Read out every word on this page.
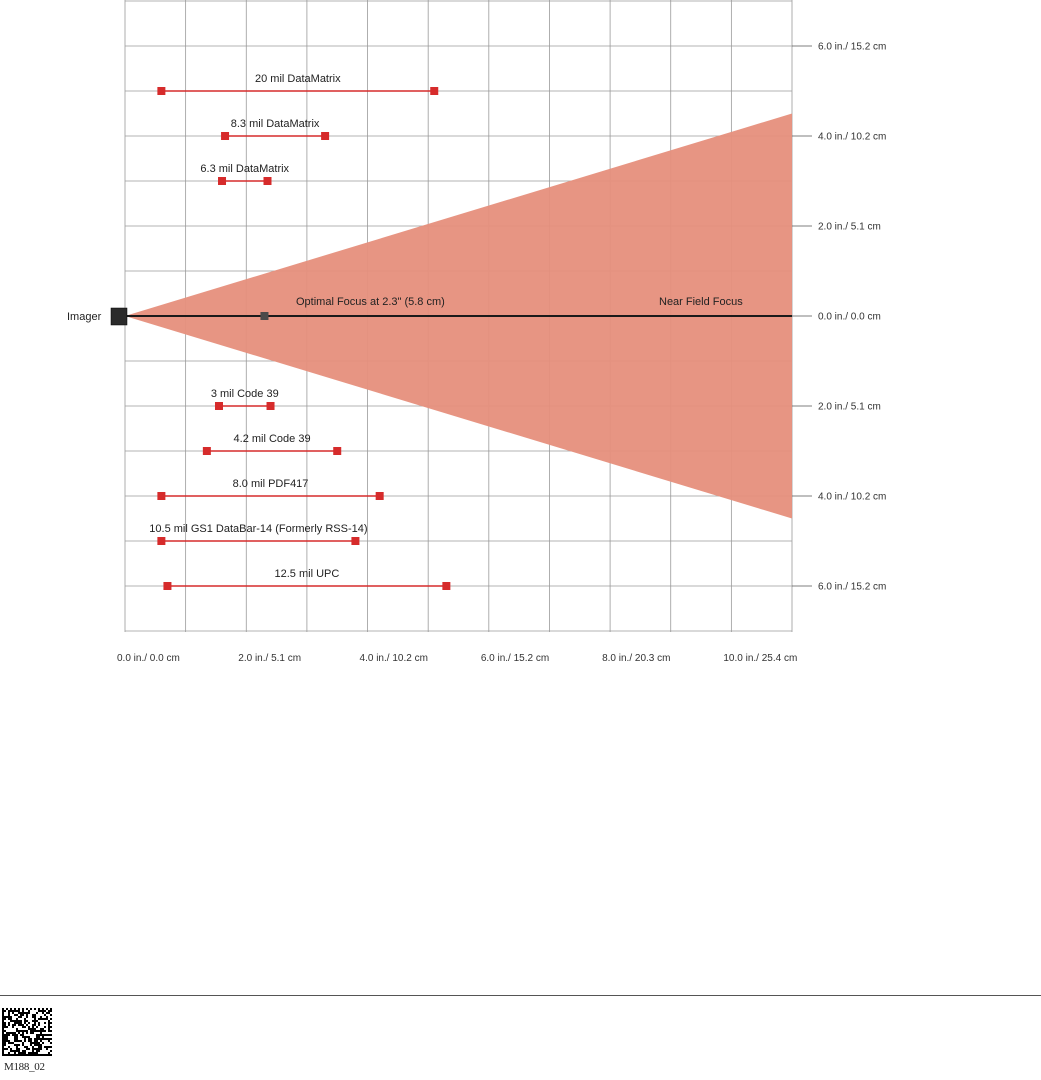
6.0 in./ 15.2 cm
4.0 in./ 10.2 cm
2.0 in./ 5.1 cm
0.0 in./ 0.0 cm
2.0 in./ 5.1 cm
4.0 in./ 10.2 cm
6.0 in./ 15.2 cm
0.0 in./ 0.0 cm	2.0 in./ 5.1 cm	4.0 in./ 10.2 cm	6.0 in./ 15.2 cm	8.0 in./ 20.3 cm	10.0 in./ 25.4 cm
Imager
Optimal Focus at 2.3" (5.8 cm)	Near Field Focus
20 mil DataMatrix
8.3 mil DataMatrix
6.3 mil DataMatrix
3 mil Code 39
4.2 mil Code 39
8.0 mil PDF417
10.5 mil GS1 DataBar-14 (Formerly RSS-14)
12.5 mil UPC
M188_02
